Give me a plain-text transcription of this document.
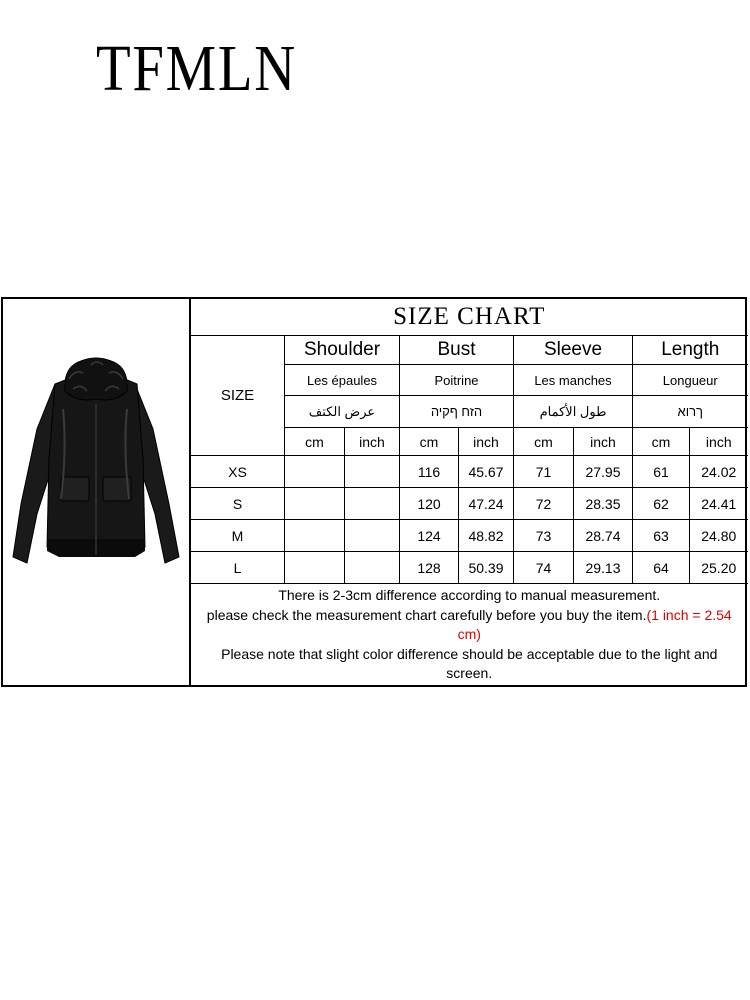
TFMLN
SIZE CHART								
SIZE	Shoulder		Bust		Sleeve		Length	
	Les épaules		Poitrine		Les manches		Longueur	
	عرض الكتف		הזח ףקיה		طول الأكمام		ךרוא	
	cm	inch	cm	inch	cm	inch	cm	inch
XS			116	45.67	71	27.95	61	24.02
S			120	47.24	72	28.35	62	24.41
M			124	48.82	73	28.74	63	24.80
L			128	50.39	74	29.13	64	25.20
There is 2-3cm difference according to manual measurement.
please check the measurement chart carefully before you buy the item.(1 inch = 2.54 cm)
Please note that slight color difference should be acceptable due to the light and screen.								
